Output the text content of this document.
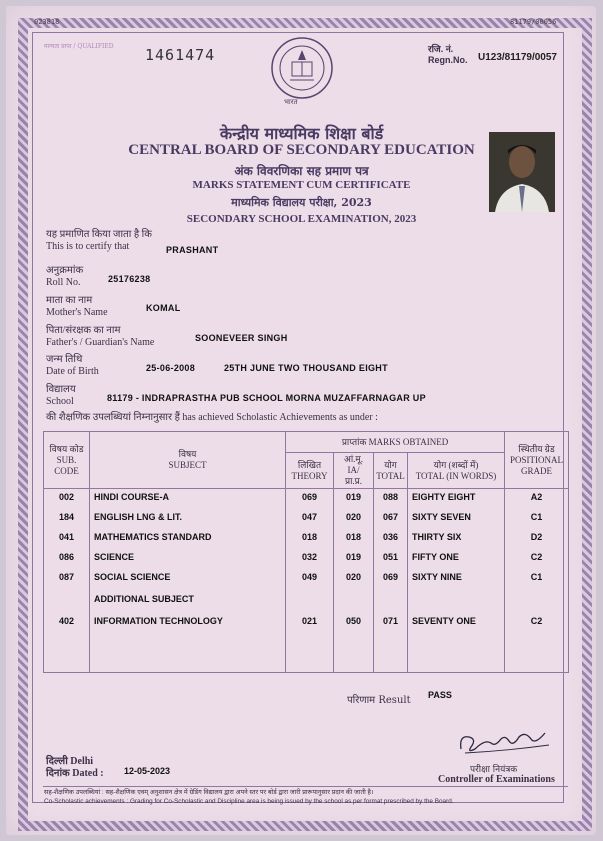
023818	81179/00056
मान्यता प्राप्त / QUALIFIED	1461474	रजि. नं.
Regn.No. U123/81179/0057
भारत
केन्द्रीय माध्यमिक शिक्षा बोर्ड
CENTRAL BOARD OF SECONDARY EDUCATION
अंक विवरणिका सह प्रमाण पत्र
MARKS STATEMENT CUM CERTIFICATE
माध्यमिक विद्यालय परीक्षा, 2023
SECONDARY SCHOOL EXAMINATION, 2023
यह प्रमाणित किया जाता है कि
This is to certify that	PRASHANT
अनुक्रमांक
Roll No.	25176238
माता का नाम
Mother's Name	KOMAL
पिता/संरक्षक का नाम
Father's / Guardian's Name	SOONEVEER SINGH
जन्म तिथि
Date of Birth	25-06-2008	25TH JUNE TWO THOUSAND EIGHT
विद्यालय
School	81179 - INDRAPRASTHA PUB SCHOOL MORNA MUZAFFARNAGAR UP
की शैक्षणिक उपलब्धियां निम्नानुसार हैं has achieved Scholastic Achievements as under :
विषय कोड
SUB. CODE	विषय
SUBJECT	प्राप्तांक MARKS OBTAINED				स्थितीय ग्रेड
POSITIONAL GRADE
		लिखित
THEORY	आं.मू.
IA/
प्रा.प्र.	योग
TOTAL	योग (शब्दों में)
TOTAL (IN WORDS)	
002	HINDI COURSE-A	069	019	088	EIGHTY EIGHT	A2
184	ENGLISH LNG & LIT.	047	020	067	SIXTY SEVEN	C1
041	MATHEMATICS STANDARD	018	018	036	THIRTY SIX	D2
086	SCIENCE	032	019	051	FIFTY ONE	C2
087	SOCIAL SCIENCE	049	020	069	SIXTY NINE	C1
	ADDITIONAL SUBJECT					
402	INFORMATION TECHNOLOGY	021	050	071	SEVENTY ONE	C2
परिणाम Result PASS
परीक्षा नियंत्रक
Controller of Examinations
दिल्ली Delhi
दिनांक Dated : 12-05-2023
सह-शैक्षणिक उपलब्धियां : सह-शैक्षणिक एवम् अनुशासन क्षेत्र में ग्रेडिंग विद्यालय द्वारा अपने स्तर पर बोर्ड द्वारा जारी प्रारूपानुसार प्रदान की जाती है।
Co-Scholastic achievements : Grading for Co-Scholastic and Discipline area is being issued by the school as per format prescribed by the Board.
